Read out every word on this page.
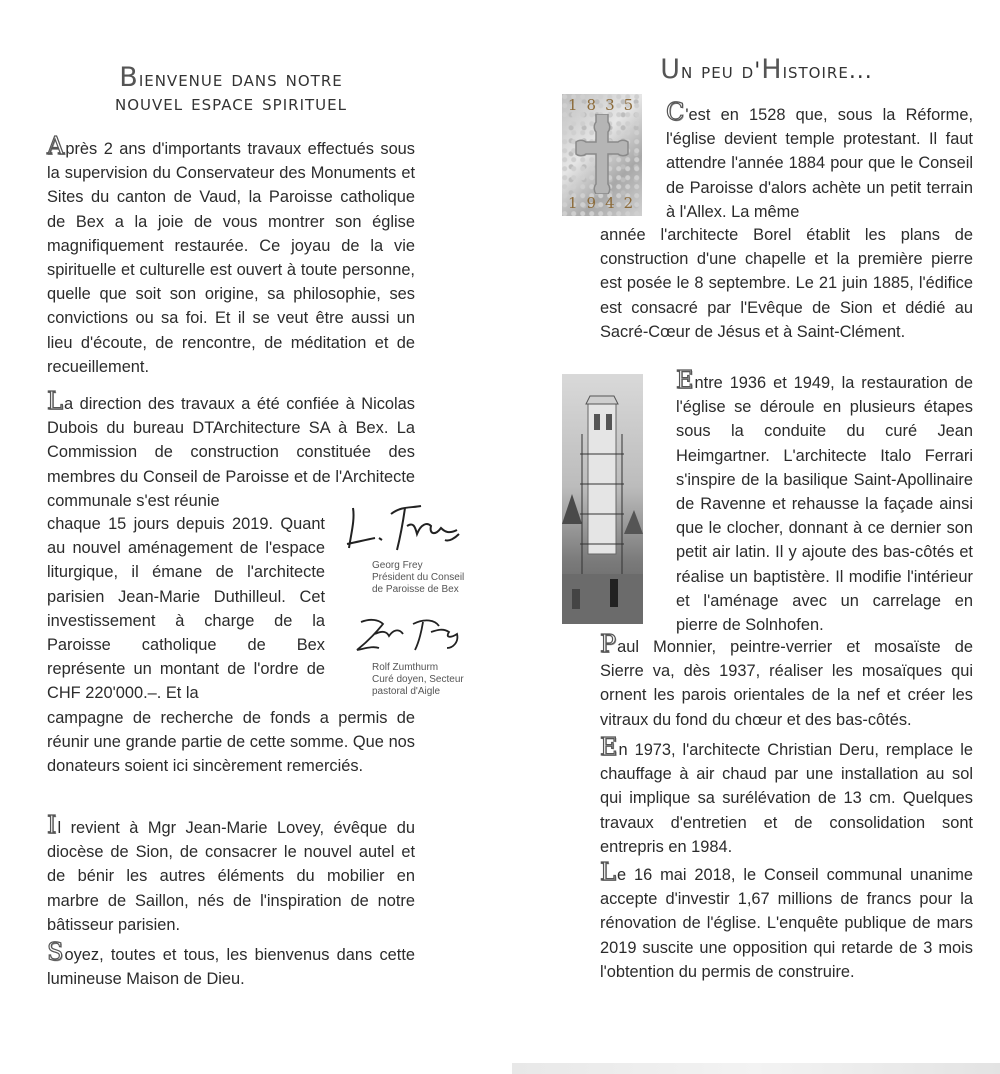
Bienvenue dans notre
nouvel espace spirituel

Après 2 ans d'importants travaux effectués sous la supervision du Conservateur des Monuments et Sites du canton de Vaud, la Paroisse catholique de Bex a la joie de vous montrer son église magnifiquement restaurée. Ce joyau de la vie spirituelle et culturelle est ouvert à toute personne, quelle que soit son origine, sa philosophie, ses convictions ou sa foi. Et il se veut être aussi un lieu d'écoute, de rencontre, de méditation et de recueillement.

La direction des travaux a été confiée à Nicolas Dubois du bureau DTArchitecture SA à Bex. La Commission de construction constituée des membres du Conseil de Paroisse et de l'Architecte communale s'est réunie

chaque 15 jours depuis 2019. Quant au nouvel aménagement de l'espace liturgique, il émane de l'architecte parisien Jean-Marie Duthilleul. Cet investissement à charge de la Paroisse catholique de Bex représente un montant de l'ordre de CHF 220'000.–. Et la

campagne de recherche de fonds a permis de réunir une grande partie de cette somme. Que nos donateurs soient ici sincèrement remerciés.

Georg Frey
Président du Conseil
de Paroisse de Bex
Rolf Zumthurm
Curé doyen, Secteur
pastoral d'Aigle

Il revient à Mgr Jean-Marie Lovey, évêque du diocèse de Sion, de consacrer le nouvel autel et de bénir les autres éléments du mobilier en marbre de Saillon, nés de l'inspiration de notre bâtisseur parisien.

Soyez, toutes et tous, les bienvenus dans cette lumineuse Maison de Dieu.

Un peu d'Histoire...
1835
1942

C'est en 1528 que, sous la Réforme, l'église devient temple protestant. Il faut attendre l'année 1884 pour que le Conseil de Paroisse d'alors achète un petit terrain à l'Allex. La même

année l'architecte Borel établit les plans de construction d'une chapelle et la première pierre est posée le 8 septembre. Le 21 juin 1885, l'édifice est consacré par l'Evêque de Sion et dédié au Sacré-Cœur de Jésus et à Saint-Clément.

Entre 1936 et 1949, la restauration de l'église se déroule en plusieurs étapes sous la conduite du curé Jean Heimgartner. L'architecte Italo Ferrari s'inspire de la basilique Saint-Apollinaire de Ravenne et rehausse la façade ainsi que le clocher, donnant à ce dernier son petit air latin. Il y ajoute des bas-côtés et réalise un baptistère. Il modifie l'intérieur et l'aménage avec un carrelage en pierre de Solnhofen.

Paul Monnier, peintre-verrier et mosaïste de Sierre va, dès 1937, réaliser les mosaïques qui ornent les parois orientales de la nef et créer les vitraux du fond du chœur et des bas-côtés.

En 1973, l'architecte Christian Deru, remplace le chauffage à air chaud par une installation au sol qui implique sa surélévation de 13 cm. Quelques travaux d'entretien et de consolidation sont entrepris en 1984.

Le 16 mai 2018, le Conseil communal unanime accepte d'investir 1,67 millions de francs pour la rénovation de l'église. L'enquête publique de mars 2019 suscite une opposition qui retarde de 3 mois l'obtention du permis de construire.
